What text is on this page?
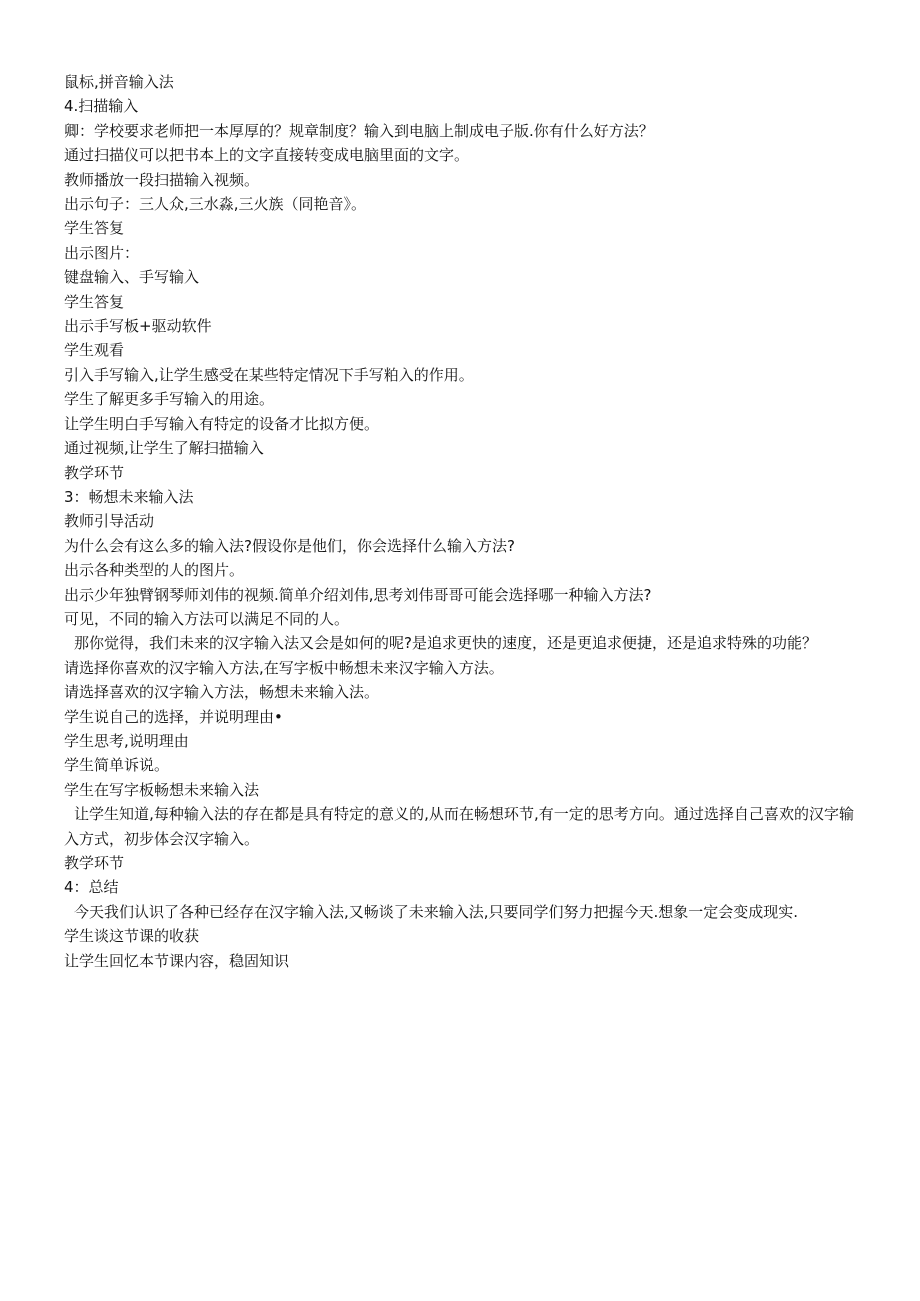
鼠标,拼音输入法
4.扫描输入
卿：学校要求老师把一本厚厚的？规章制度？输入到电脑上制成电子版.你有什么好方法？
通过扫描仪可以把书本上的文字直接转变成电脑里面的文字。
教师播放一段扫描输入视频。
出示句子：三人众,三水淼,三火族（同艳音》。
学生答复
出示图片：
键盘输入、手写输入
学生答复
出示手写板+驱动软件
学生观看
引入手写输入,让学生感受在某些特定情况下手写粕入的作用。
学生了解更多手写输入的用途。
让学生明白手写输入有特定的设备才比拟方便。
通过视频,让学生了解扫描输入
教学环节
3：畅想未来输入法
教师引导活动
为什么会有这么多的输入法?假设你是他们，你会选择什么输入方法?
出示各种类型的人的图片。
出示少年独臂钢琴师刘伟的视频.简单介绍刘伟,思考刘伟哥哥可能会选择哪一种输入方法?
可见，不同的输入方法可以满足不同的人。

那你觉得，我们未来的汉字输入法又会是如何的呢?是追求更快的速度，还是更追求便捷，还是追求特殊的功能？

请选择你喜欢的汉字输入方法,在写字板中畅想未来汉字输入方法。
请选择喜欢的汉字输入方法，畅想未来输入法。
学生说自己的选择，并说明理由•
学生思考,说明理由
学生简单诉说。
学生在写字板畅想未来输入法

让学生知道,每种输入法的存在都是具有特定的意义的,从而在畅想环节,有一定的思考方向。通过选择自己喜欢的汉字输入方式，初步体会汉字输入。

教学环节
4：总结

今天我们认识了各种已经存在汉字输入法,又畅谈了未来输入法,只要同学们努力把握今天.想象一定会变成现实.

学生谈这节课的收获
让学生回忆本节课内容，稳固知识
